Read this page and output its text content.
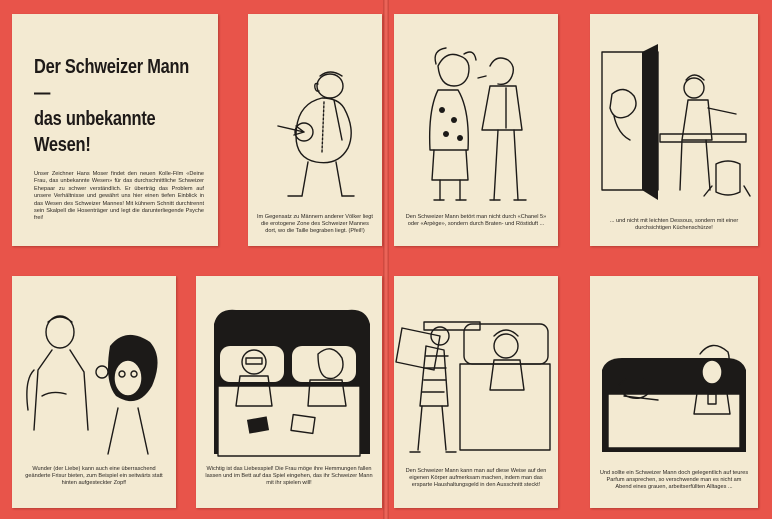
Der Schweizer Mann
—
das unbekannte
Wesen!
Unser Zeichner Hans Moser findet den neuen Kolle-Film «Deine Frau, das unbekannte Wesen» für das durchschnittliche Schweizer Ehepaar zu schwer verständlich. Er überträg das Problem auf unsere Verhältnisse und gewährt uns hier einen tiefen Einblick in das Wesen des Schweizer Mannes! Mit kühnem Schnitt durchtrennt sein Skalpell die Hosenträger und legt die darunterliegende Psyche frei!	Im Gegensatz zu Männern anderer Völker liegt die erotogene Zone des Schweizer Mannes dort, wo die Taille begraben liegt. (Pfeil!)
Den Schweizer Mann betört man nicht durch «Chanel 5» oder «Arpège», sondern durch Braten- und Röstiduft ...	... und nicht mit leichten Dessous, sondern mit einer durchsichtigen Küchenschürze!
Wunder (der Liebe) kann auch eine überraschend geänderte Frisur bieten, zum Beispiel ein seitwärts statt hinten aufgesteckter Zopf!
Wichtig ist das Liebesspiel! Die Frau möge ihre Hemmungen fallen lassen und im Bett auf das Spiel eingehen, das ihr Schweizer Mann mit ihr spielen will!
Den Schweizer Mann kann man auf diese Weise auf den eigenen Körper aufmerksam machen, indem man das ersparte Haushaltungsgeld in den Ausschnitt steckt!
Und sollte ein Schweizer Mann doch gelegentlich auf teures Parfum ansprechen, so verschwende man es nicht am Abend eines grauen, arbeitserfüllten Alltages ...
